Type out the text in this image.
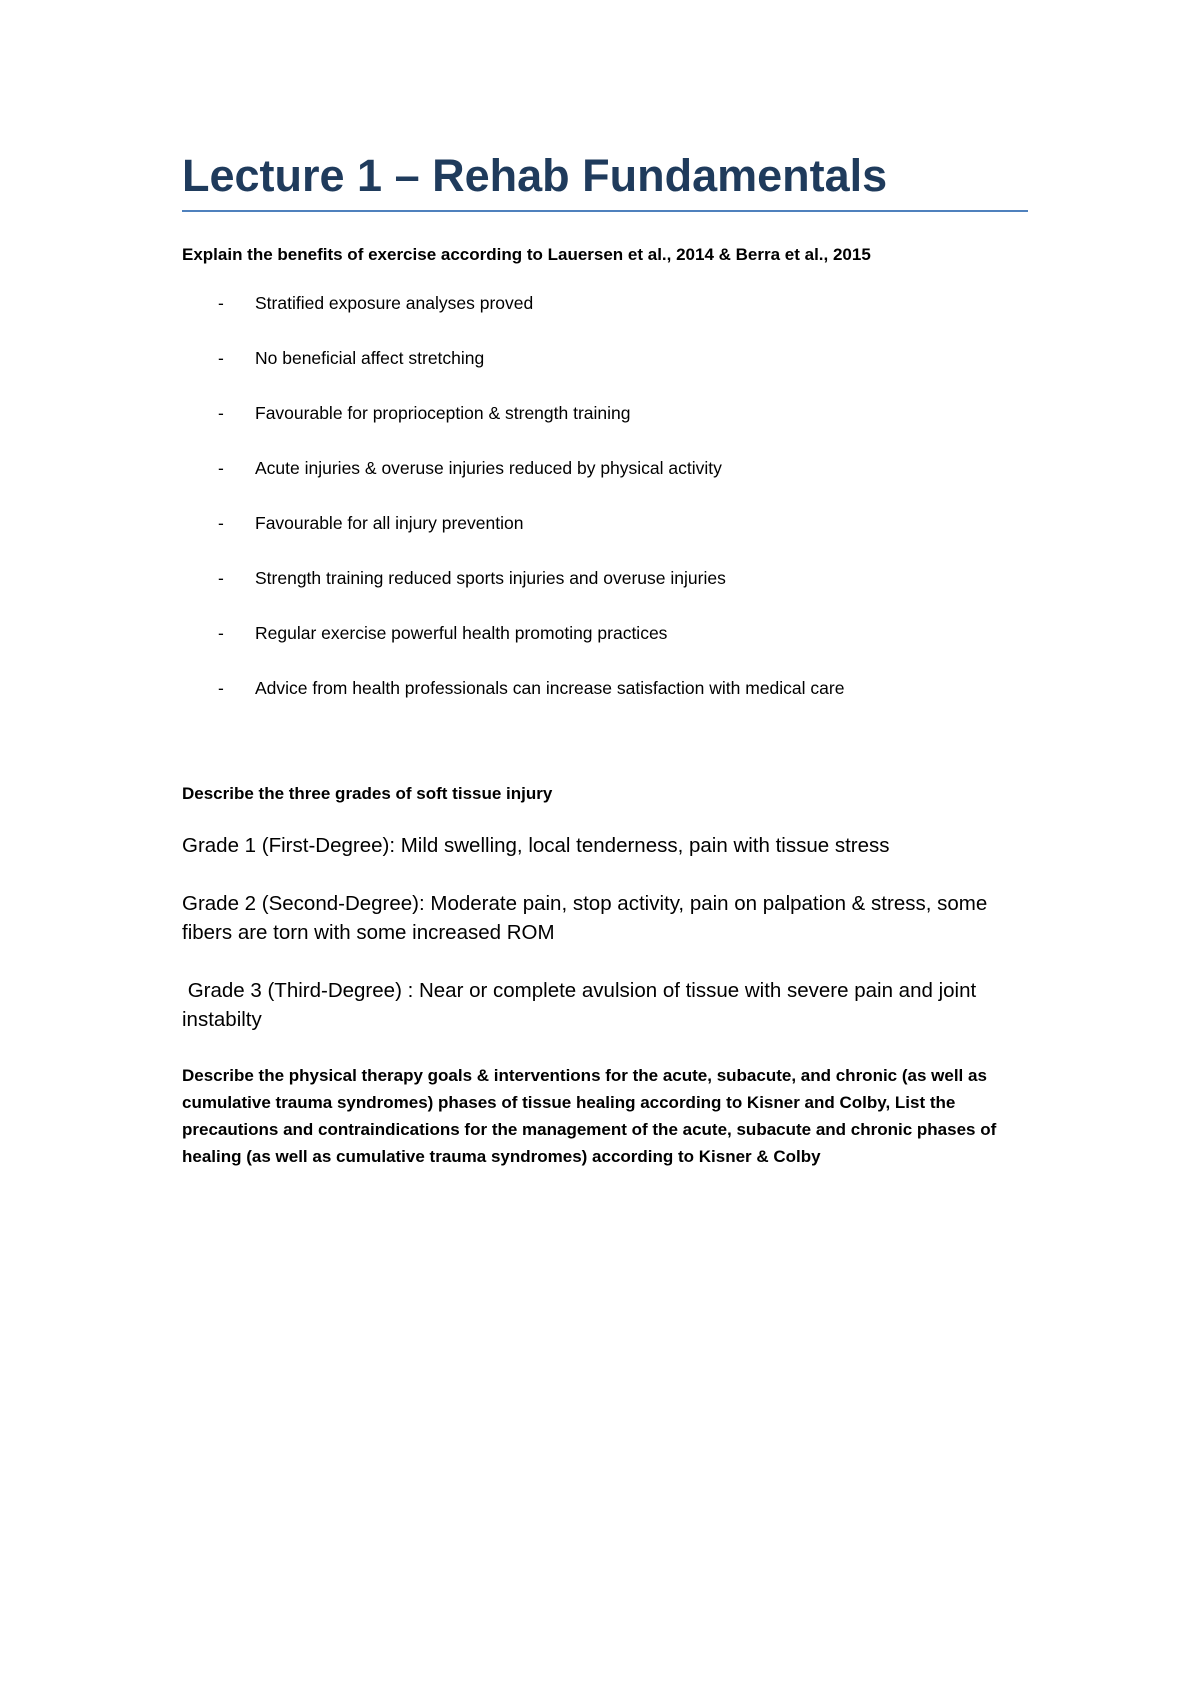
Lecture 1 – Rehab Fundamentals

Explain the benefits of exercise according to Lauersen et al., 2014 & Berra et al., 2015

- Stratified exposure analyses proved
- No beneficial affect stretching
- Favourable for proprioception & strength training
- Acute injuries & overuse injuries reduced by physical activity
- Favourable for all injury prevention
- Strength training reduced sports injuries and overuse injuries
- Regular exercise powerful health promoting practices
- Advice from health professionals can increase satisfaction with medical care

Describe the three grades of soft tissue injury

Grade 1 (First-Degree): Mild swelling, local tenderness, pain with tissue stress

Grade 2 (Second-Degree): Moderate pain, stop activity, pain on palpation & stress, some fibers are torn with some increased ROM

Grade 3 (Third-Degree) : Near or complete avulsion of tissue with severe pain and joint instabilty

Describe the physical therapy goals & interventions for the acute, subacute, and chronic (as well as cumulative trauma syndromes) phases of tissue healing according to Kisner and Colby, List the precautions and contraindications for the management of the acute, subacute and chronic phases of healing (as well as cumulative trauma syndromes) according to Kisner & Colby
